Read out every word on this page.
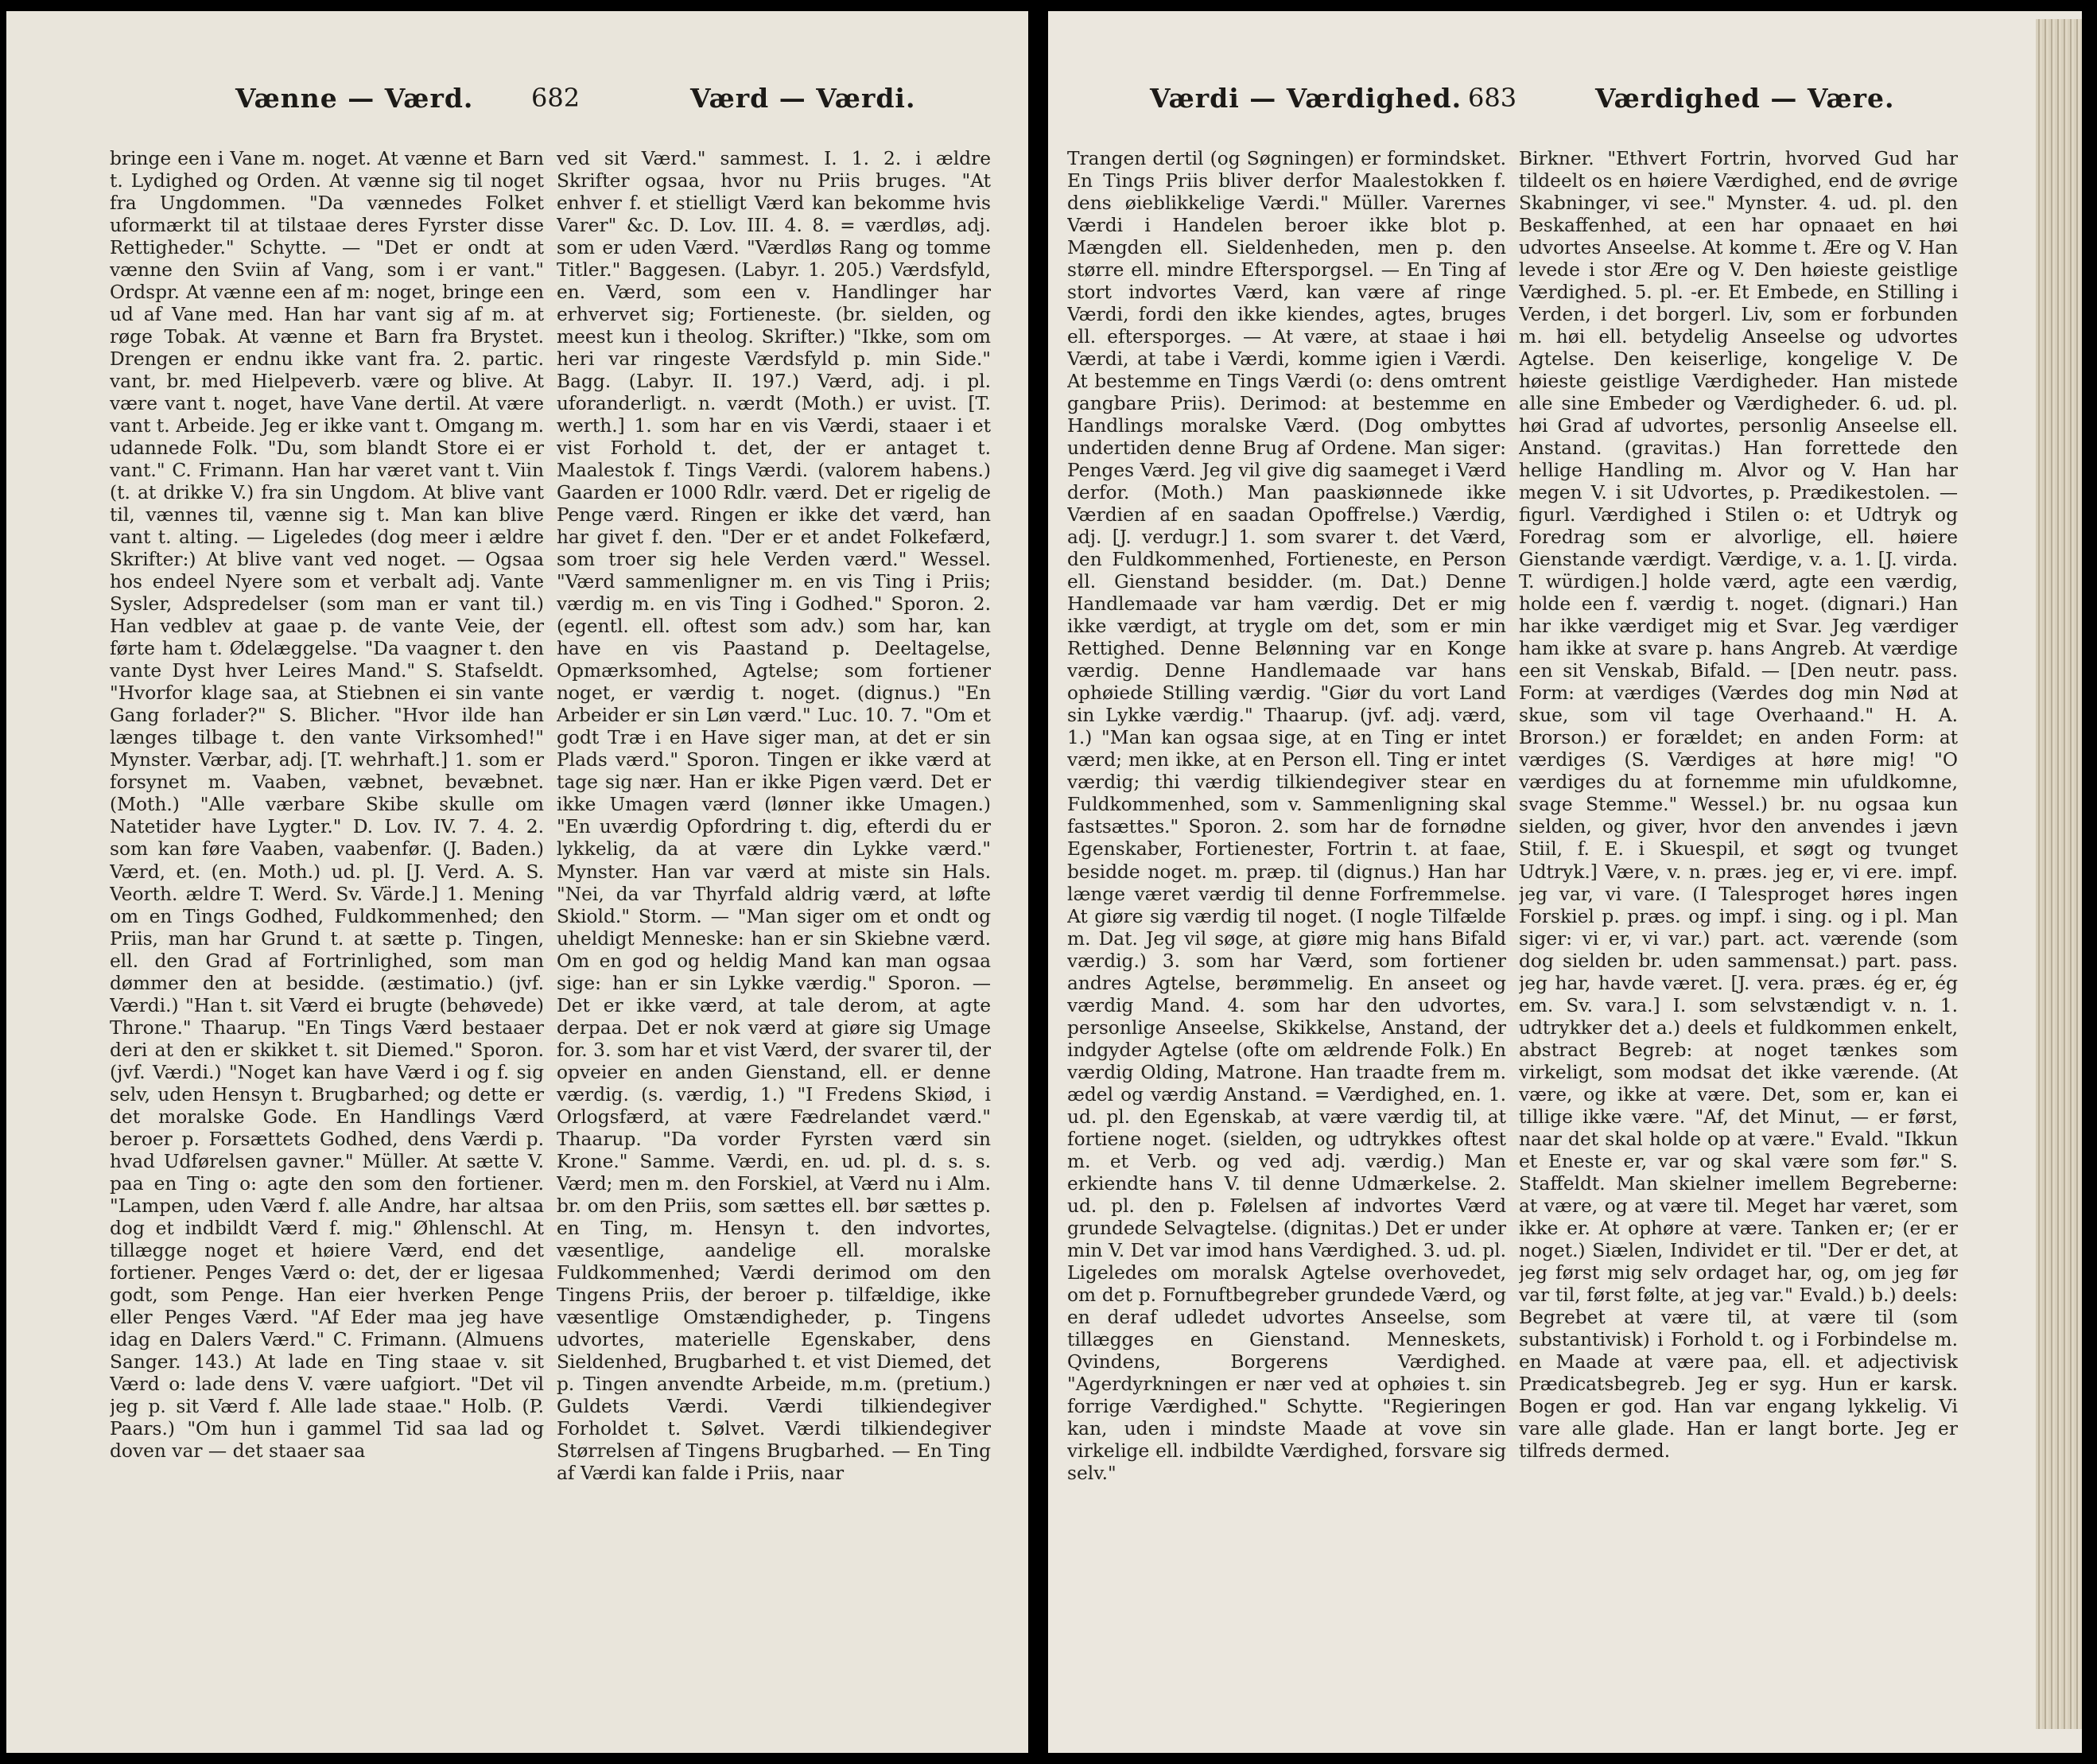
Vænne — Værd. 682	Værd — Værdi.

bringe een i Vane m. noget. At vænne et Barn t. Lydighed og Orden. At vænne sig til noget fra Ungdommen. "Da vænnedes Folket uformærkt til at tilstaae deres Fyrster disse Rettigheder." Schytte. — "Det er ondt at vænne den Sviin af Vang, som i er vant." Ordspr. At vænne een af m: noget, bringe een ud af Vane med. Han har vant sig af m. at røge Tobak. At vænne et Barn fra Brystet. Drengen er endnu ikke vant fra. 2. partic. vant, br. med Hielpeverb. være og blive. At være vant t. noget, have Vane dertil. At være vant t. Arbeide. Jeg er ikke vant t. Omgang m. udannede Folk. "Du, som blandt Store ei er vant." C. Frimann. Han har været vant t. Viin (t. at drikke V.) fra sin Ungdom. At blive vant til, vænnes til, vænne sig t. Man kan blive vant t. alting. — Ligeledes (dog meer i ældre Skrifter:) At blive vant ved noget. — Ogsaa hos endeel Nyere som et verbalt adj. Vante Sysler, Adspredelser (som man er vant til.) Han vedblev at gaae p. de vante Veie, der førte ham t. Ødelæggelse. "Da vaagner t. den vante Dyst hver Leires Mand." S. Stafseldt. "Hvorfor klage saa, at Stiebnen ei sin vante Gang forlader?" S. Blicher. "Hvor ilde han længes tilbage t. den vante Virksomhed!" Mynster. Værbar, adj. [T. wehrhaft.] 1. som er forsynet m. Vaaben, væbnet, bevæbnet. (Moth.) "Alle værbare Skibe skulle om Natetider have Lygter." D. Lov. IV. 7. 4. 2. som kan føre Vaaben, vaabenfør. (J. Baden.) Værd, et. (en. Moth.) ud. pl. [J. Verd. A. S. Veorth. ældre T. Werd. Sv. Värde.] 1. Mening om en Tings Godhed, Fuldkommenhed; den Priis, man har Grund t. at sætte p. Tingen, ell. den Grad af Fortrinlighed, som man dømmer den at besidde. (æstimatio.) (jvf. Værdi.) "Han t. sit Værd ei brugte (behøvede) Throne." Thaarup. "En Tings Værd bestaaer deri at den er skikket t. sit Diemed." Sporon. (jvf. Værdi.) "Noget kan have Værd i og f. sig selv, uden Hensyn t. Brugbarhed; og dette er det moralske Gode. En Handlings Værd beroer p. Forsættets Godhed, dens Værdi p. hvad Udførelsen gavner." Müller. At sætte V. paa en Ting o: agte den som den fortiener. "Lampen, uden Værd f. alle Andre, har altsaa dog et indbildt Værd f. mig." Øhlenschl. At tillægge noget et høiere Værd, end det fortiener. Penges Værd o: det, der er ligesaa godt, som Penge. Han eier hverken Penge eller Penges Værd. "Af Eder maa jeg have idag en Dalers Værd." C. Frimann. (Almuens Sanger. 143.) At lade en Ting staae v. sit Værd o: lade dens V. være uafgiort. "Det vil jeg p. sit Værd f. Alle lade staae." Holb. (P. Paars.) "Om hun i gammel Tid saa lad og doven var — det staaer saa

ved sit Værd." sammest. I. 1. 2. i ældre Skrifter ogsaa, hvor nu Priis bruges. "At enhver f. et stielligt Værd kan bekomme hvis Varer" &c. D. Lov. III. 4. 8. = værdløs, adj. som er uden Værd. "Værdløs Rang og tomme Titler." Baggesen. (Labyr. 1. 205.) Værdsfyld, en. Værd, som een v. Handlinger har erhvervet sig; Fortieneste. (br. sielden, og meest kun i theolog. Skrifter.) "Ikke, som om heri var ringeste Værdsfyld p. min Side." Bagg. (Labyr. II. 197.) Værd, adj. i pl. uforanderligt. n. værdt (Moth.) er uvist. [T. werth.] 1. som har en vis Værdi, staaer i et vist Forhold t. det, der er antaget t. Maalestok f. Tings Værdi. (valorem habens.) Gaarden er 1000 Rdlr. værd. Det er rigelig de Penge værd. Ringen er ikke det værd, han har givet f. den. "Der er et andet Folkefærd, som troer sig hele Verden værd." Wessel. "Værd sammenligner m. en vis Ting i Priis; værdig m. en vis Ting i Godhed." Sporon. 2. (egentl. ell. oftest som adv.) som har, kan have en vis Paastand p. Deeltagelse, Opmærksomhed, Agtelse; som fortiener noget, er værdig t. noget. (dignus.) "En Arbeider er sin Løn værd." Luc. 10. 7. "Om et godt Træ i en Have siger man, at det er sin Plads værd." Sporon. Tingen er ikke værd at tage sig nær. Han er ikke Pigen værd. Det er ikke Umagen værd (lønner ikke Umagen.) "En uværdig Opfordring t. dig, efterdi du er lykkelig, da at være din Lykke værd." Mynster. Han var værd at miste sin Hals. "Nei, da var Thyrfald aldrig værd, at løfte Skiold." Storm. — "Man siger om et ondt og uheldigt Menneske: han er sin Skiebne værd. Om en god og heldig Mand kan man ogsaa sige: han er sin Lykke værdig." Sporon. — Det er ikke værd, at tale derom, at agte derpaa. Det er nok værd at giøre sig Umage for. 3. som har et vist Værd, der svarer til, der opveier en anden Gienstand, ell. er denne værdig. (s. værdig, 1.) "I Fredens Skiød, i Orlogsfærd, at være Fædrelandet værd." Thaarup. "Da vorder Fyrsten værd sin Krone." Samme. Værdi, en. ud. pl. d. s. s. Værd; men m. den Forskiel, at Værd nu i Alm. br. om den Priis, som sættes ell. bør sættes p. en Ting, m. Hensyn t. den indvortes, væsentlige, aandelige ell. moralske Fuldkommenhed; Værdi derimod om den Tingens Priis, der beroer p. tilfældige, ikke væsentlige Omstændigheder, p. Tingens udvortes, materielle Egenskaber, dens Sieldenhed, Brugbarhed t. et vist Diemed, det p. Tingen anvendte Arbeide, m.m. (pretium.) Guldets Værdi. Værdi tilkiendegiver Forholdet t. Sølvet. Værdi tilkiendegiver Størrelsen af Tingens Brugbarhed. — En Ting af Værdi kan falde i Priis, naar

Værdi — Værdighed. 683	Værdighed — Være.

Trangen dertil (og Søgningen) er formindsket. En Tings Priis bliver derfor Maalestokken f. dens øieblikkelige Værdi." Müller. Varernes Værdi i Handelen beroer ikke blot p. Mængden ell. Sieldenheden, men p. den større ell. mindre Eftersporgsel. — En Ting af stort indvortes Værd, kan være af ringe Værdi, fordi den ikke kiendes, agtes, bruges ell. eftersporges. — At være, at staae i høi Værdi, at tabe i Værdi, komme igien i Værdi. At bestemme en Tings Værdi (o: dens omtrent gangbare Priis). Derimod: at bestemme en Handlings moralske Værd. (Dog ombyttes undertiden denne Brug af Ordene. Man siger: Penges Værd. Jeg vil give dig saameget i Værd derfor. (Moth.) Man paaskiønnede ikke Værdien af en saadan Opoffrelse.) Værdig, adj. [J. verdugr.] 1. som svarer t. det Værd, den Fuldkommenhed, Fortieneste, en Person ell. Gienstand besidder. (m. Dat.) Denne Handlemaade var ham værdig. Det er mig ikke værdigt, at trygle om det, som er min Rettighed. Denne Belønning var en Konge værdig. Denne Handlemaade var hans ophøiede Stilling værdig. "Giør du vort Land sin Lykke værdig." Thaarup. (jvf. adj. værd, 1.) "Man kan ogsaa sige, at en Ting er intet værd; men ikke, at en Person ell. Ting er intet værdig; thi værdig tilkiendegiver stear en Fuldkommenhed, som v. Sammenligning skal fastsættes." Sporon. 2. som har de fornødne Egenskaber, Fortienester, Fortrin t. at faae, besidde noget. m. præp. til (dignus.) Han har længe været værdig til denne Forfremmelse. At giøre sig værdig til noget. (I nogle Tilfælde m. Dat. Jeg vil søge, at giøre mig hans Bifald værdig.) 3. som har Værd, som fortiener andres Agtelse, berømmelig. En anseet og værdig Mand. 4. som har den udvortes, personlige Anseelse, Skikkelse, Anstand, der indgyder Agtelse (ofte om ældrende Folk.) En værdig Olding, Matrone. Han traadte frem m. ædel og værdig Anstand. = Værdighed, en. 1. ud. pl. den Egenskab, at være værdig til, at fortiene noget. (sielden, og udtrykkes oftest m. et Verb. og ved adj. værdig.) Man erkiendte hans V. til denne Udmærkelse. 2. ud. pl. den p. Følelsen af indvortes Værd grundede Selvagtelse. (dignitas.) Det er under min V. Det var imod hans Værdighed. 3. ud. pl. Ligeledes om moralsk Agtelse overhovedet, om det p. Fornuftbegreber grundede Værd, og en deraf udledet udvortes Anseelse, som tillægges en Gienstand. Menneskets, Qvindens, Borgerens Værdighed. "Agerdyrkningen er nær ved at ophøies t. sin forrige Værdighed." Schytte. "Regieringen kan, uden i mindste Maade at vove sin virkelige ell. indbildte Værdighed, forsvare sig selv."

Birkner. "Ethvert Fortrin, hvorved Gud har tildeelt os en høiere Værdighed, end de øvrige Skabninger, vi see." Mynster. 4. ud. pl. den Beskaffenhed, at een har opnaaet en høi udvortes Anseelse. At komme t. Ære og V. Han levede i stor Ære og V. Den høieste geistlige Værdighed. 5. pl. -er. Et Embede, en Stilling i Verden, i det borgerl. Liv, som er forbunden m. høi ell. betydelig Anseelse og udvortes Agtelse. Den keiserlige, kongelige V. De høieste geistlige Værdigheder. Han mistede alle sine Embeder og Værdigheder. 6. ud. pl. høi Grad af udvortes, personlig Anseelse ell. Anstand. (gravitas.) Han forrettede den hellige Handling m. Alvor og V. Han har megen V. i sit Udvortes, p. Prædikestolen. — figurl. Værdighed i Stilen o: et Udtryk og Foredrag som er alvorlige, ell. høiere Gienstande værdigt. Værdige, v. a. 1. [J. virda. T. würdigen.] holde værd, agte een værdig, holde een f. værdig t. noget. (dignari.) Han har ikke værdiget mig et Svar. Jeg værdiger ham ikke at svare p. hans Angreb. At værdige een sit Venskab, Bifald. — [Den neutr. pass. Form: at værdiges (Værdes dog min Nød at skue, som vil tage Overhaand." H. A. Brorson.) er forældet; en anden Form: at værdiges (S. Værdiges at høre mig! "O værdiges du at fornemme min ufuldkomne, svage Stemme." Wessel.) br. nu ogsaa kun sielden, og giver, hvor den anvendes i jævn Stiil, f. E. i Skuespil, et søgt og tvunget Udtryk.] Være, v. n. præs. jeg er, vi ere. impf. jeg var, vi vare. (I Talesproget høres ingen Forskiel p. præs. og impf. i sing. og i pl. Man siger: vi er, vi var.) part. act. værende (som dog sielden br. uden sammensat.) part. pass. jeg har, havde været. [J. vera. præs. ég er, ég em. Sv. vara.] I. som selvstændigt v. n. 1. udtrykker det a.) deels et fuldkommen enkelt, abstract Begreb: at noget tænkes som virkeligt, som modsat det ikke værende. (At være, og ikke at være. Det, som er, kan ei tillige ikke være. "Af, det Minut, — er først, naar det skal holde op at være." Evald. "Ikkun et Eneste er, var og skal være som før." S. Staffeldt. Man skielner imellem Begreberne: at være, og at være til. Meget har været, som ikke er. At ophøre at være. Tanken er; (er er noget.) Siælen, Individet er til. "Der er det, at jeg først mig selv ordaget har, og, om jeg før var til, først følte, at jeg var." Evald.) b.) deels: Begrebet at være til, at være til (som substantivisk) i Forhold t. og i Forbindelse m. en Maade at være paa, ell. et adjectivisk Prædicatsbegreb. Jeg er syg. Hun er karsk. Bogen er god. Han var engang lykkelig. Vi vare alle glade. Han er langt borte. Jeg er tilfreds dermed.
